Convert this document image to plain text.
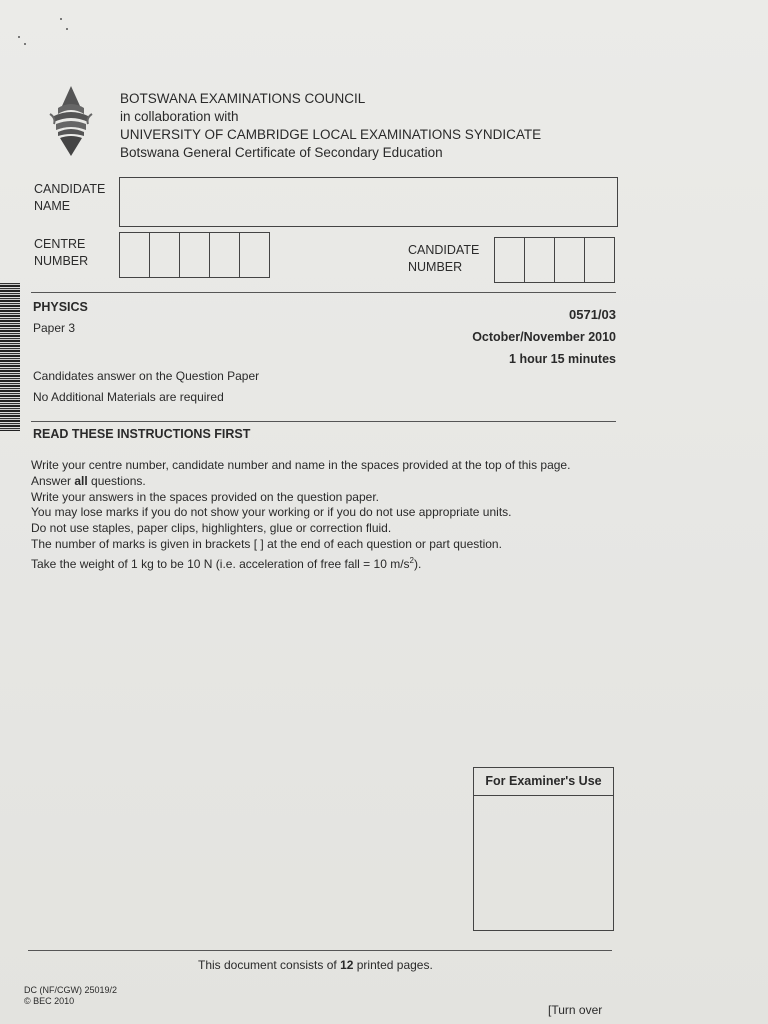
BOTSWANA EXAMINATIONS COUNCIL
in collaboration with
UNIVERSITY OF CAMBRIDGE LOCAL EXAMINATIONS SYNDICATE
Botswana General Certificate of Secondary Education
CANDIDATE
NAME
CENTRE
NUMBER
CANDIDATE
NUMBER
PHYSICS
Paper 3
0571/03
October/November 2010
1 hour 15 minutes
Candidates answer on the Question Paper
No Additional Materials are required
READ THESE INSTRUCTIONS FIRST
Write your centre number, candidate number and name in the spaces provided at the top of this page.
Answer all questions.
Write your answers in the spaces provided on the question paper.
You may lose marks if you do not show your working or if you do not use appropriate units.
Do not use staples, paper clips, highlighters, glue or correction fluid.
The number of marks is given in brackets [ ] at the end of each question or part question.
Take the weight of 1 kg to be 10 N (i.e. acceleration of free fall = 10 $m/s^2$).
For Examiner's Use
This document consists of 12 printed pages.
DC (NF/CGW) 25019/2
© BEC 2010
[Turn over
